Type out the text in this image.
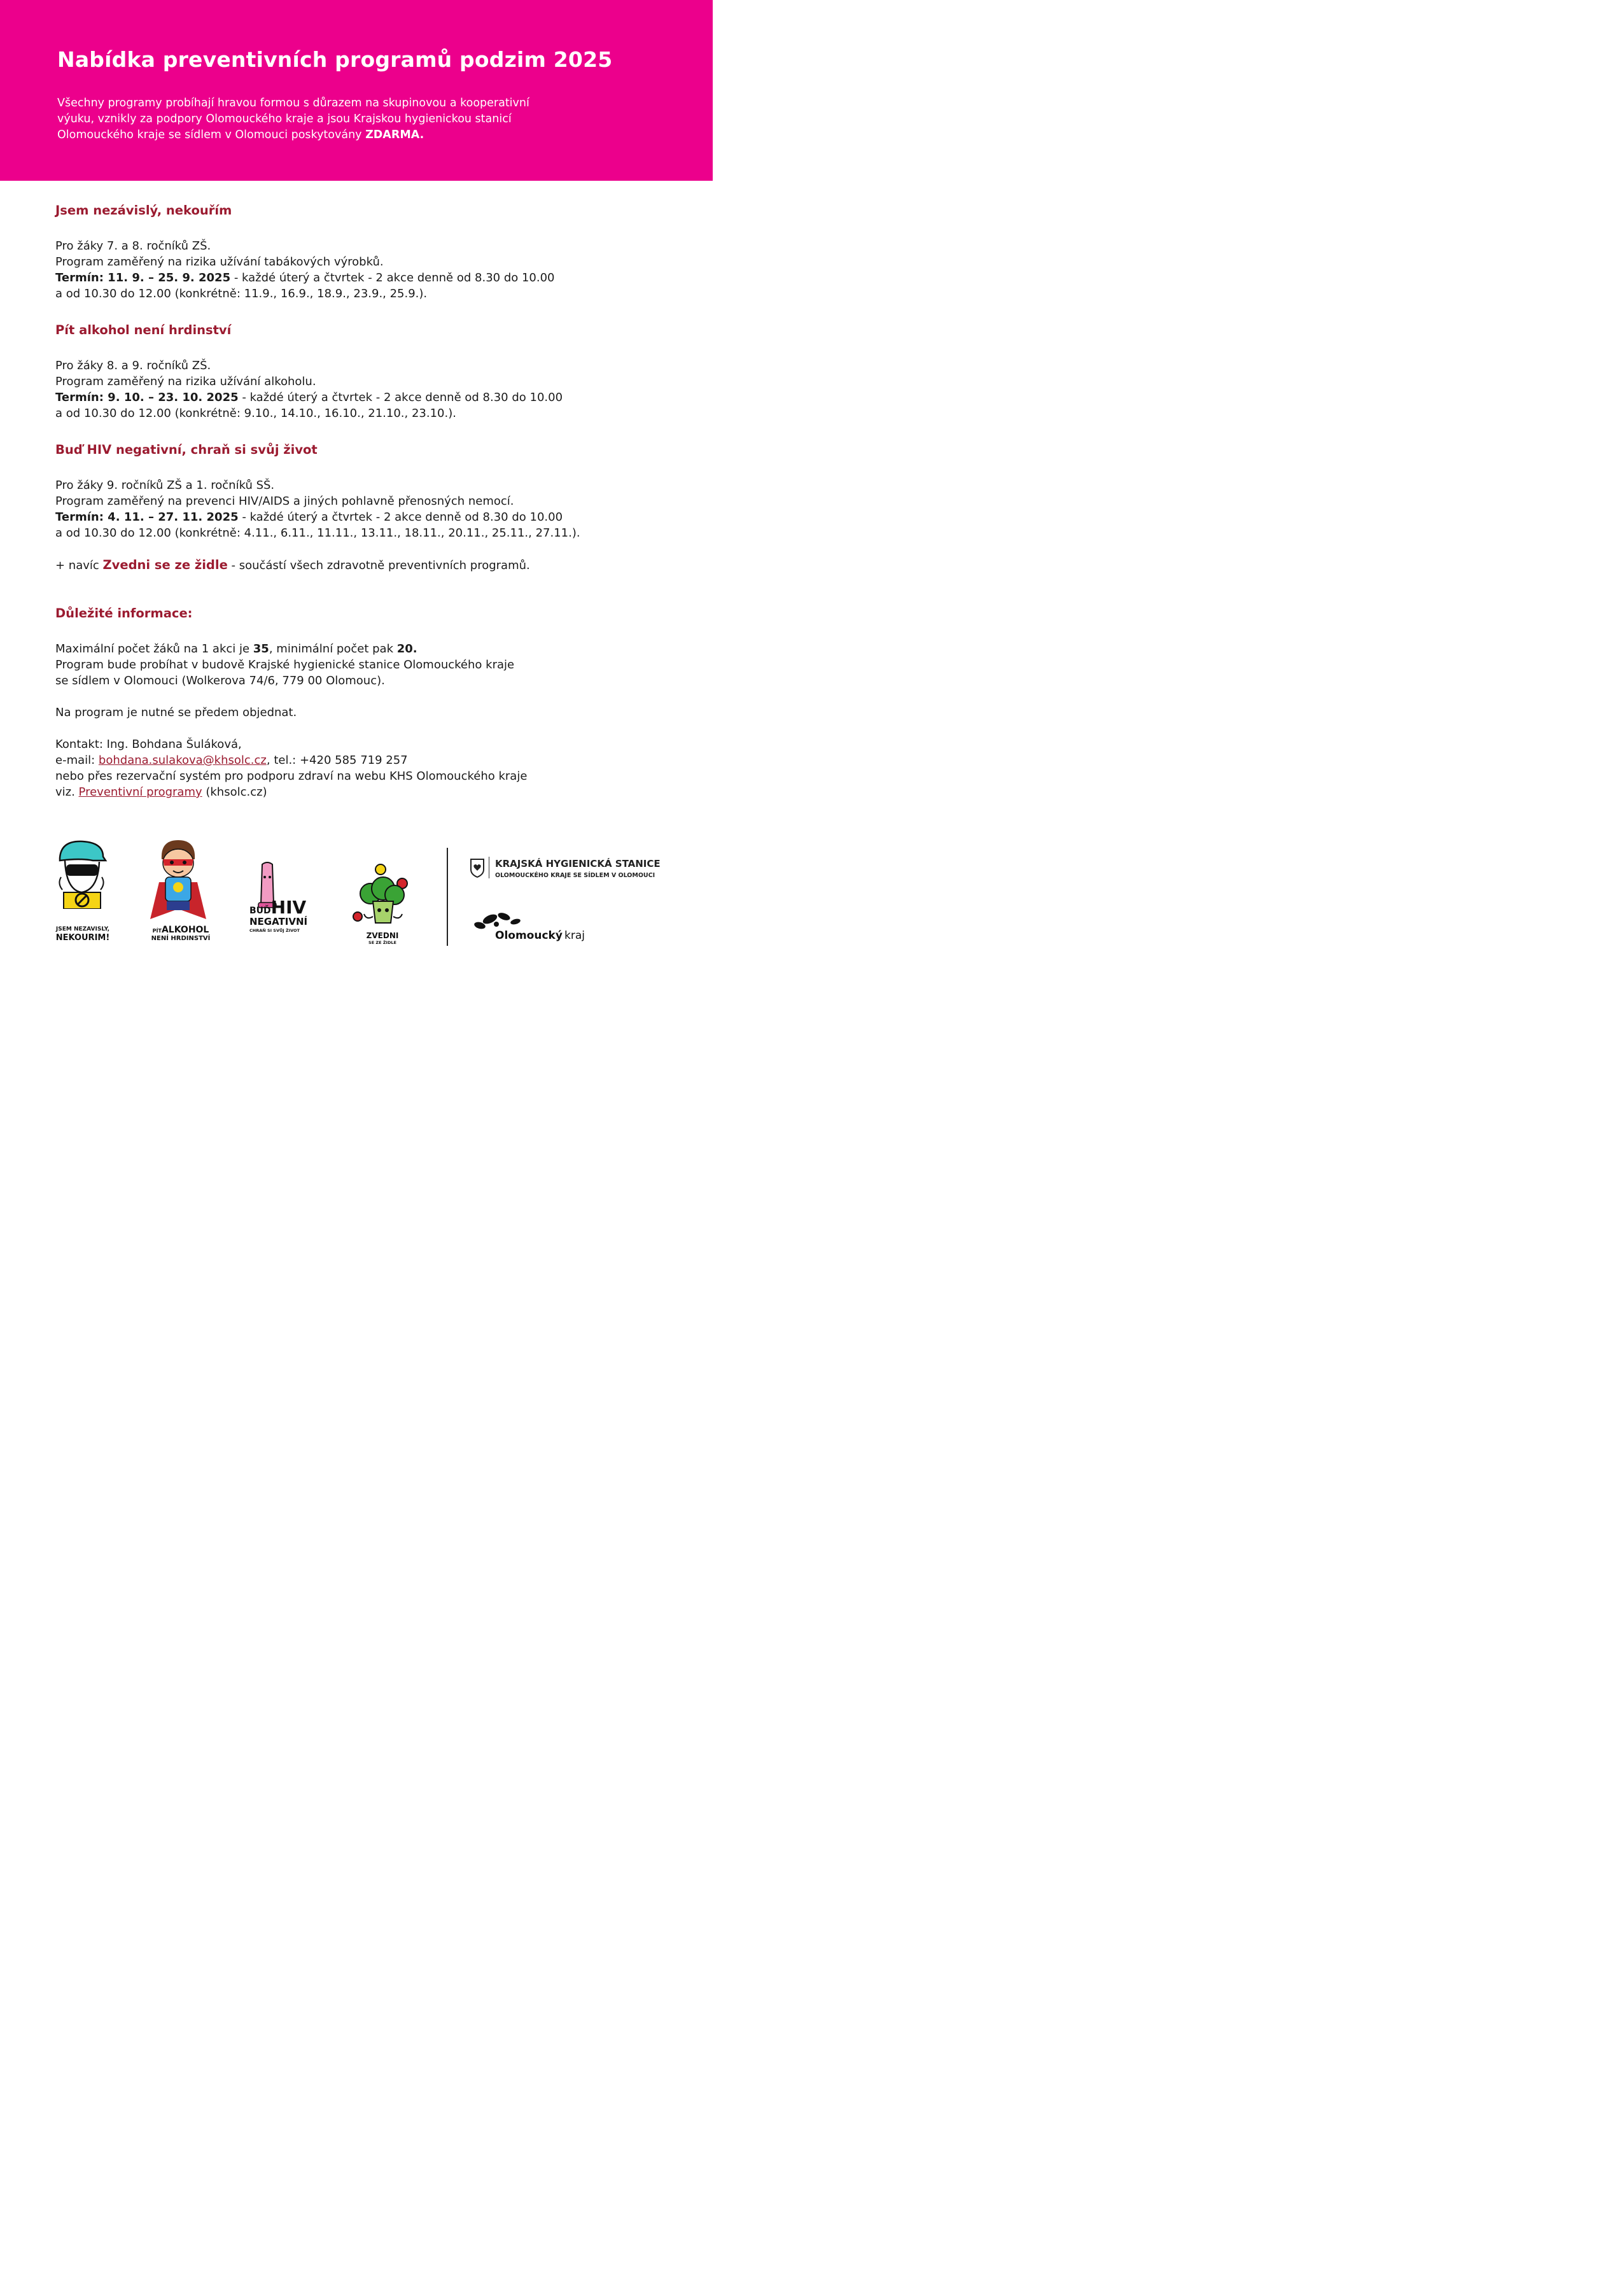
Nabídka preventivních programů podzim 2025

Všechny programy probíhají hravou formou s důrazem na skupinovou a kooperativní
výuku, vznikly za podpory Olomouckého kraje a jsou Krajskou hygienickou stanicí
Olomouckého kraje se sídlem v Olomouci poskytovány ZDARMA.

Jsem nezávislý, nekouřím

Pro žáky 7. a 8. ročníků ZŠ.

Program zaměřený na rizika užívání tabákových výrobků.

Termín: 11. 9. – 25. 9. 2025 - každé úterý a čtvrtek - 2 akce denně od 8.30 do 10.00

a od 10.30 do 12.00 (konkrétně: 11.9., 16.9., 18.9., 23.9., 25.9.).

Pít alkohol není hrdinství

Pro žáky 8. a 9. ročníků ZŠ.

Program zaměřený na rizika užívání alkoholu.

Termín: 9. 10. – 23. 10. 2025 - každé úterý a čtvrtek - 2 akce denně od 8.30 do 10.00

a od 10.30 do 12.00 (konkrétně: 9.10., 14.10., 16.10., 21.10., 23.10.).

Buď HIV negativní, chraň si svůj život

Pro žáky 9. ročníků ZŠ a 1. ročníků SŠ.

Program zaměřený na prevenci HIV/AIDS a jiných pohlavně přenosných nemocí.

Termín: 4. 11. – 27. 11. 2025 - každé úterý a čtvrtek - 2 akce denně od 8.30 do 10.00

a od 10.30 do 12.00 (konkrétně: 4.11., 6.11., 11.11., 13.11., 18.11., 20.11., 25.11., 27.11.).

+ navíc Zvedni se ze židle - součástí všech zdravotně preventivních programů.

Důležité informace:

Maximální počet žáků na 1 akci je 35, minimální počet pak 20.

Program bude probíhat v budově Krajské hygienické stanice Olomouckého kraje

se sídlem v Olomouci (Wolkerova 74/6, 779 00 Olomouc).

Na program je nutné se předem objednat.

Kontakt: Ing. Bohdana Šuláková,

e-mail: bohdana.sulakova@khsolc.cz, tel.: +420 585 719 257

nebo přes rezervační systém pro podporu zdraví na webu KHS Olomouckého kraje

viz. Preventivní programy (khsolc.cz)

JSEM NEZAVISLY,
NEKOURIM!
PÍTALKOHOL
NENÍ HRDINSTVÍ
BUĎHIV
NEGATIVNÍ
CHRAŇ SI SVŮJ ŽIVOT
ZVEDNI
SE ZE ŽIDLE
KRAJSKÁ HYGIENICKÁ STANICE
OLOMOUCKÉHO KRAJE SE SÍDLEM V OLOMOUCI
Olomoucký kraj
